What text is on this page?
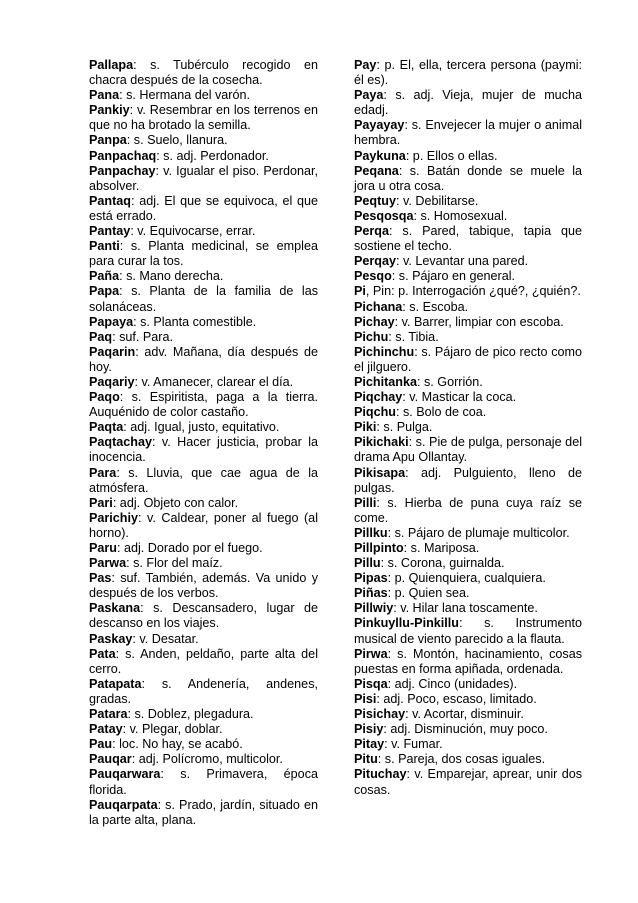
Pallapa: s. Tubérculo recogido en chacra después de la cosecha.

Pana: s. Hermana del varón.

Pankiy: v. Resembrar en los terrenos en que no ha brotado la semilla.

Panpa: s. Suelo, llanura.

Panpachaq: s. adj. Perdonador.

Panpachay: v. Igualar el piso. Perdonar, absolver.

Pantaq: adj. El que se equivoca, el que está errado.

Pantay: v. Equivocarse, errar.

Panti: s. Planta medicinal, se emplea para curar la tos.

Paña: s. Mano derecha.

Papa: s. Planta de la familia de las solanáceas.

Papaya: s. Planta comestible.

Paq: suf. Para.

Paqarin: adv. Mañana, día después de hoy.

Paqariy: v. Amanecer, clarear el día.

Paqo: s. Espiritista, paga a la tierra. Auquénido de color castaño.

Paqta: adj. Igual, justo, equitativo.

Paqtachay: v. Hacer justicia, probar la inocencia.

Para: s. Lluvia, que cae agua de la atmósfera.

Pari: adj. Objeto con calor.

Parichiy: v. Caldear, poner al fuego (al horno).

Paru: adj. Dorado por el fuego.

Parwa: s. Flor del maíz.

Pas: suf. También, además. Va unido y después de los verbos.

Paskana: s. Descansadero, lugar de descanso en los viajes.

Paskay: v. Desatar.

Pata: s. Anden, peldaño, parte alta del cerro.

Patapata: s. Andenería, andenes, gradas.

Patara: s. Doblez, plegadura.

Patay: v. Plegar, doblar.

Pau: loc. No hay, se acabó.

Pauqar: adj. Polícromo, multicolor.

Pauqarwara: s. Primavera, época florida.

Pauqarpata: s. Prado, jardín, situado en la parte alta, plana.

Pay: p. El, ella, tercera persona (paymi: él es).

Paya: s. adj. Vieja, mujer de mucha edadj.

Payayay: s. Envejecer la mujer o animal hembra.

Paykuna: p. Ellos o ellas.

Peqana: s. Batán donde se muele la jora u otra cosa.

Peqtuy: v. Debilitarse.

Pesqosqa: s. Homosexual.

Perqa: s. Pared, tabique, tapia que sostiene el techo.

Perqay: v. Levantar una pared.

Pesqo: s. Pájaro en general.

Pi, Pin: p. Interrogación ¿qué?, ¿quién?.

Pichana: s. Escoba.

Pichay: v. Barrer, limpiar con escoba.

Pichu: s. Tibia.

Pichinchu: s. Pájaro de pico recto como el jilguero.

Pichitanka: s. Gorrión.

Piqchay: v. Masticar la coca.

Piqchu: s. Bolo de coa.

Piki: s. Pulga.

Pikichaki: s. Pie de pulga, personaje del drama Apu Ollantay.

Pikisapa: adj. Pulguiento, lleno de pulgas.

Pilli: s. Hierba de puna cuya raíz se come.

Pillku: s. Pájaro de plumaje multicolor.

Pillpinto: s. Mariposa.

Pillu: s. Corona, guirnalda.

Pipas: p. Quienquiera, cualquiera.

Piñas: p. Quien sea.

Pillwiy: v. Hilar lana toscamente.

Pinkuyllu-Pinkillu: s. Instrumento musical de viento parecido a la flauta.

Pirwa: s. Montón, hacinamiento, cosas puestas en forma apiñada, ordenada.

Pisqa: adj. Cinco (unidades).

Pisi: adj. Poco, escaso, limitado.

Pisichay: v. Acortar, disminuir.

Pisiy: adj. Disminución, muy poco.

Pitay: v. Fumar.

Pitu: s. Pareja, dos cosas iguales.

Pituchay: v. Emparejar, aprear, unir dos cosas.
